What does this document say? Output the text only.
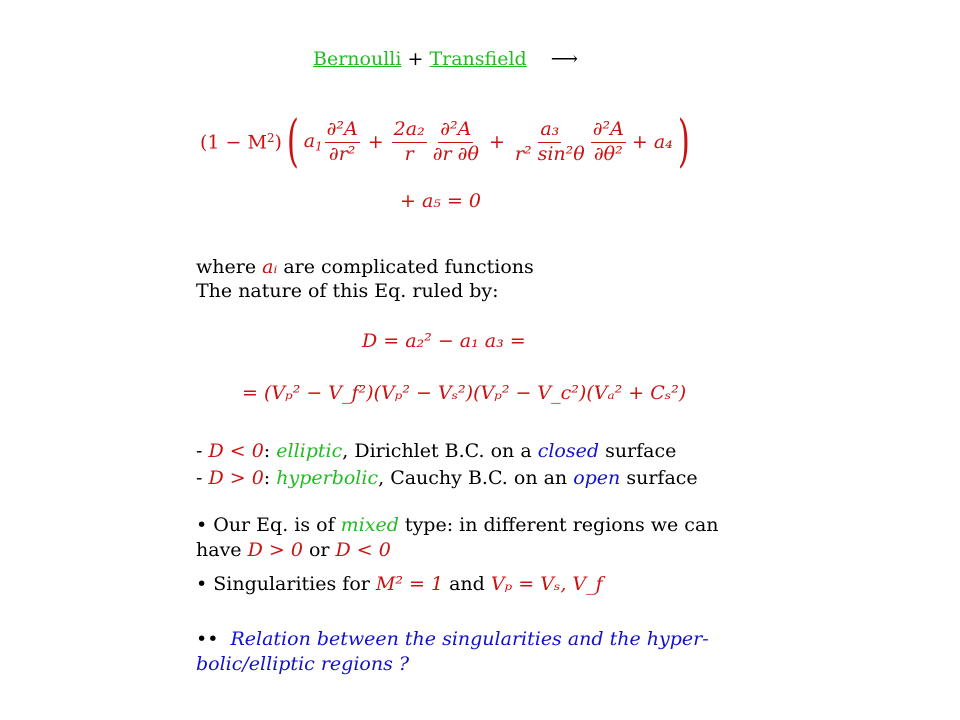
Bernoulli + Transfield ⟶
$(1 - M^2)$ ( $a_1 \frac{\text{∂²A}}{\text{∂r²}} + \frac{\text{2a₂}}{r} \frac{\text{∂²A}}{\partial r \partial\theta} + \frac{\text{a₃}}{\text{r² sin²θ}} \frac{\text{∂²A}}{\text{∂θ²}} + a_4$ )
+ a₅ = 0
where aᵢ are complicated functions
The nature of this Eq. ruled by:
D = a₂² − a₁ a₃ =
= (Vₚ² − V_f²)(Vₚ² − Vₛ²)(Vₚ² − V_c²)(Vₐ² + Cₛ²)
- D < 0: elliptic, Dirichlet B.C. on a closed surface
- D > 0: hyperbolic, Cauchy B.C. on an open surface
• Our Eq. is of mixed type: in different regions we can
have D > 0 or D < 0
• Singularities for M² = 1 and Vₚ = Vₛ, V_f
•• Relation between the singularities and the hyper-
bolic/elliptic regions ?
